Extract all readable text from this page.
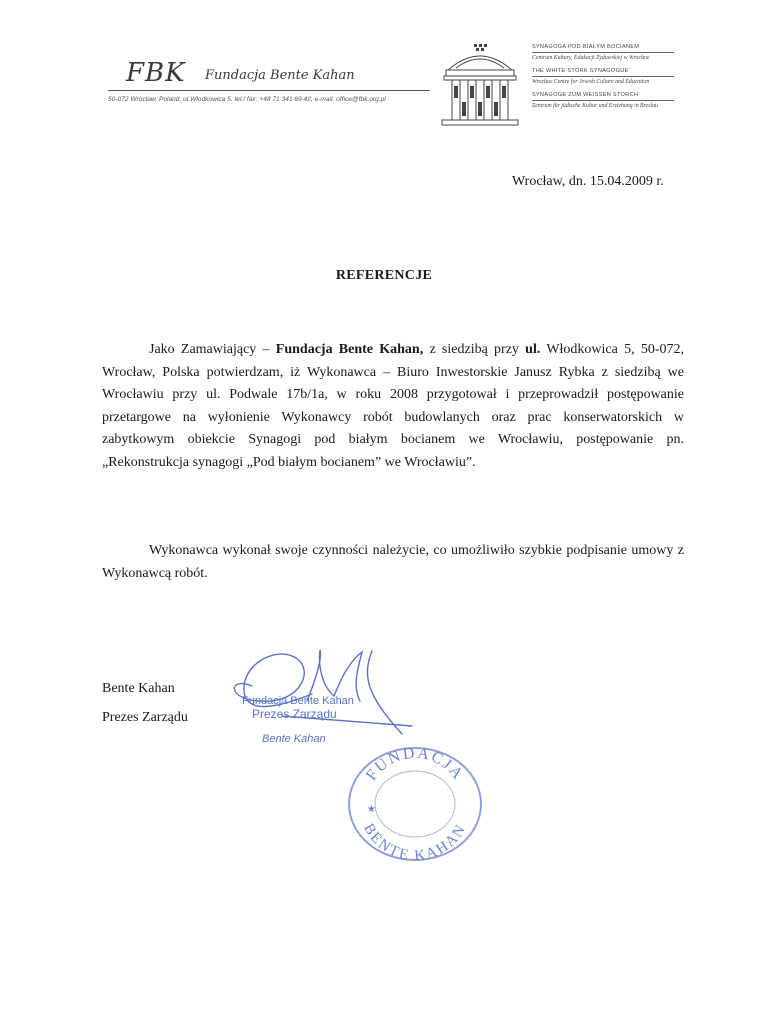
FBK Fundacja Bente Kahan
50-072 Wrocław, Poland, ul.Włodkowica 5, tel./ fax: +48 71 341 69 42, e-mail: office@fbk.org.pl
SYNAGOGA POD BIAŁYM BOCIANEM
Centrum Kultury, Edukacji Żydowskiej w Wrocław
THE WHITE STORK SYNAGOGUE
Wrocław Centre for Jewish Culture and Education
SYNAGOGE ZUM WEISSEN STORCH
Zentrum für jüdische Kultur und Erziehung in Breslau
Wrocław, dn. 15.04.2009 r.
REFERENCJE
Jako Zamawiający – Fundacja Bente Kahan, z siedzibą przy ul. Włodkowica 5, 50-072, Wrocław, Polska potwierdzam, iż Wykonawca – Biuro Inwestorskie Janusz Rybka z siedzibą we Wrocławiu przy ul. Podwale 17b/1a, w roku 2008 przygotował i przeprowadził postępowanie przetargowe na wyłonienie Wykonawcy robót budowlanych oraz prac konserwatorskich w zabytkowym obiekcie Synagogi pod białym bocianem we Wrocławiu, postępowanie pn. „Rekonstrukcja synagogi „Pod białym bocianem” we Wrocławiu”.
Wykonawca wykonał swoje czynności należycie, co umożliwiło szybkie podpisanie umowy z Wykonawcą robót.
Bente Kahan
Prezes Zarządu
Fundacja Bente Kahan
Prezes Zarządu
Bente Kahan
FUNDACJA
BENTE KAHAN
★
